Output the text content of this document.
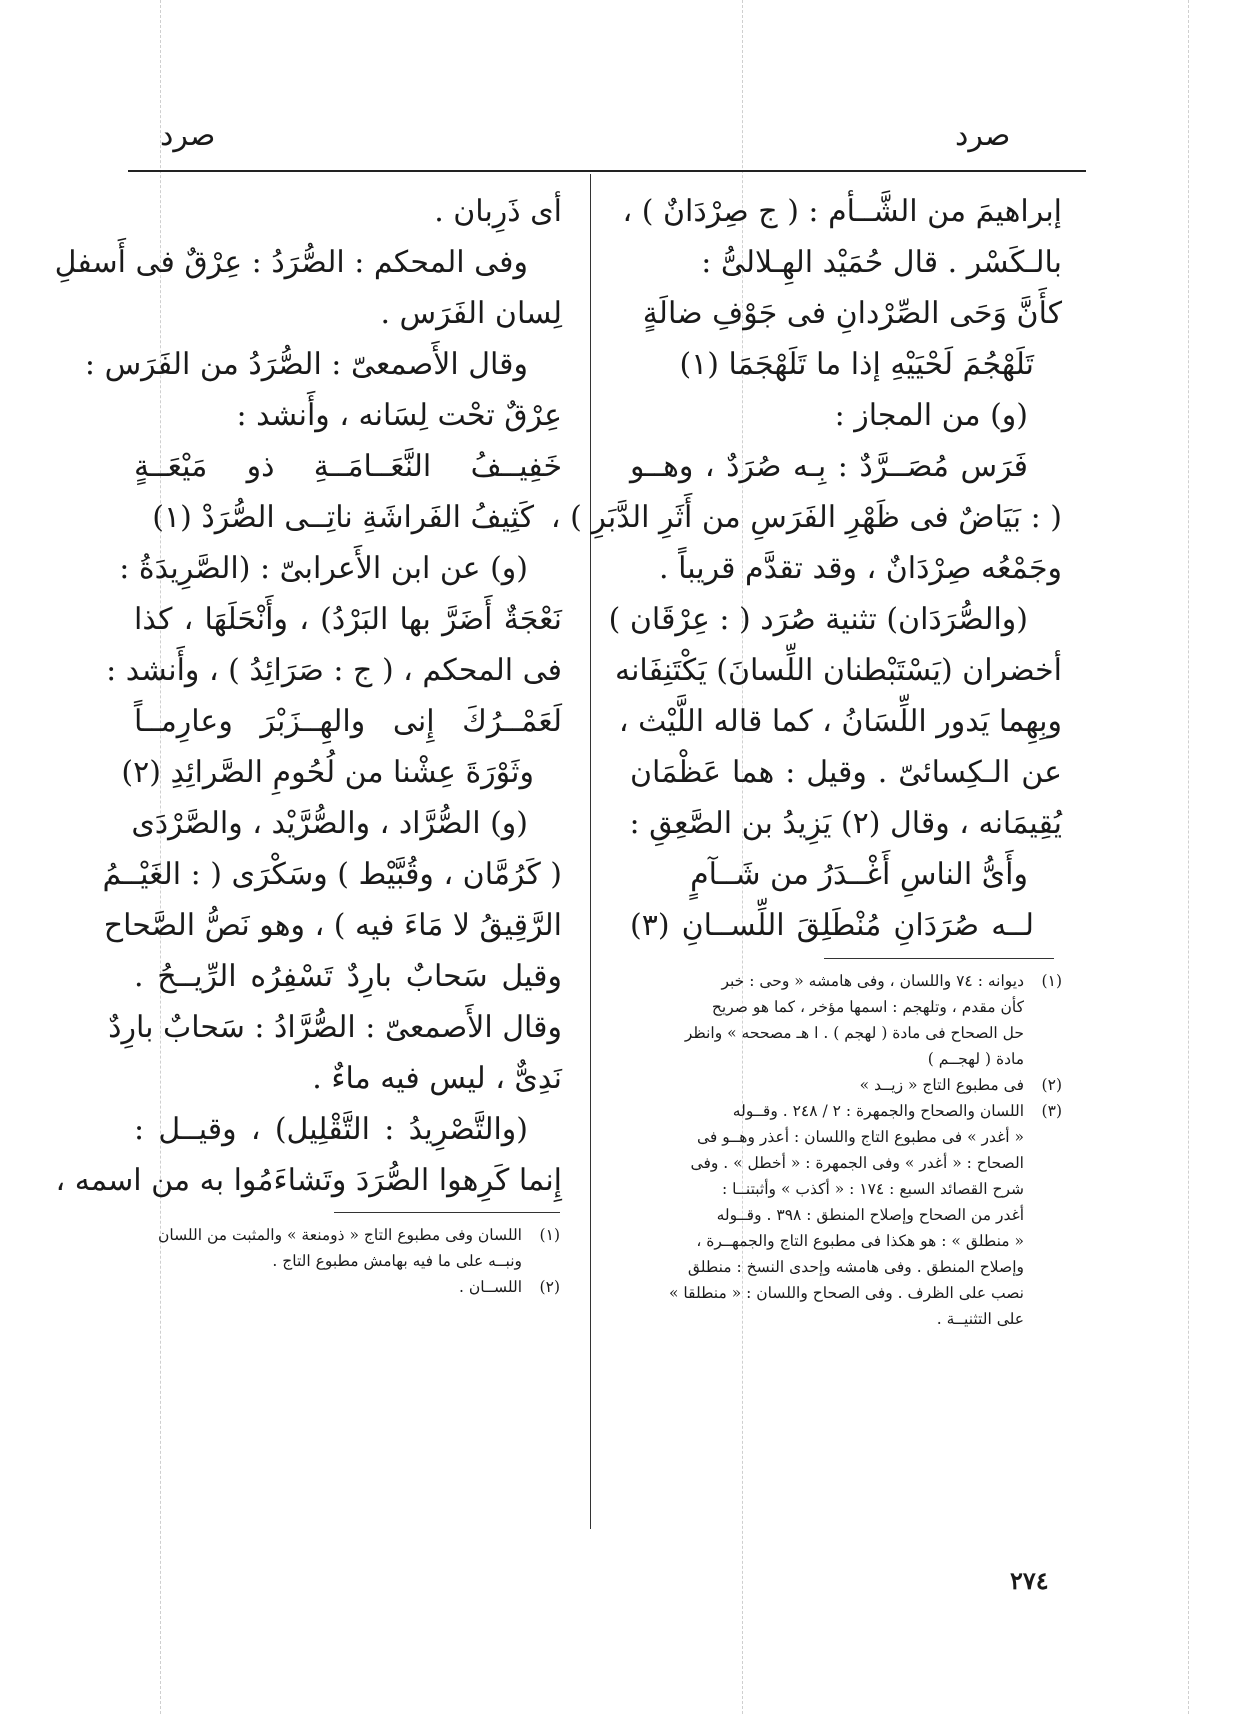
صرد
صرد
إبراهيمَ من الشَّــأم : ( ج صِرْدَانٌ ) ،
بالـكَسْر . قال حُمَيْد الهِـلالىُّ :
كأَنَّ وَحَى الصِّرْدانِ فى جَوْفِ ضالَةٍ
تَلَهْجُمَ لَحْيَيْهِ إذا ما تَلَهْجَمَا (١)
(و) من المجاز :
فَرَس مُصَــرَّدٌ : بِـه صُرَدٌ ، وهــو
( : بَيَاضٌ فى ظَهْرِ الفَرَسِ من أَثَرِ الدَّبَرِ ) ،
وجَمْعُه صِرْدَانٌ ، وقد تقدَّم قريباً .
(والصُّرَدَان) تثنية صُرَد ( : عِرْقَان )
أخضران (يَسْتَبْطنان اللِّسانَ) يَكْتَنِفَانه
وبِهِما يَدور اللِّسَانُ ، كما قاله اللَّيْث ،
عن الـكِسائىّ . وقيل : هما عَظْمَان
يُقِيمَانه ، وقال (٢) يَزِيدُ بن الصَّعِقِ :
وأَىُّ الناسِ أَغْــدَرُ من شَــآمٍ
لــه صُرَدَانِ مُنْطَلِقَ اللِّســانِ (٣)
(١)
ديوانه : ٧٤ واللسان ، وفى هامشه « وحى : خبر
كأن مقدم ، وتلهجم : اسمها مؤخر ، كما هو صريح
حل الصحاح فى مادة ( لهجم ) . ا هـ مصححه » وانظر
مادة ( لهجــم )
(٢)
فى مطبوع التاج « زيــد »
(٣)
اللسان والصحاح والجمهرة : ٢ / ٢٤٨ . وقــوله
« أغدر » فى مطبوع التاج واللسان : أعذر وهــو فى
الصحاح : « أغدر » وفى الجمهرة : « أخطل » . وفى
شرح القصائد السبع : ١٧٤ : « أكذب » وأثبتنــا :
أغدر من الصحاح وإصلاح المنطق : ٣٩٨ . وقــوله
« منطلق » : هو هكذا فى مطبوع التاج والجمهــرة ،
وإصلاح المنطق . وفى هامشه وإحدى النسخ : منطلق
نصب على الظرف . وفى الصحاح واللسان : « منطلقا »
على التثنيــة .
أى ذَرِبان .
وفى المحكم : الصُّرَدُ : عِرْقٌ فى أَسفلِ
لِسان الفَرَس .
وقال الأَصمعىّ : الصُّرَدُ من الفَرَس :
عِرْقٌ تحْت لِسَانه ، وأَنشد :
خَفِيــفُ النَّعَــامَــةِ ذو مَيْعَــةٍ
كَثِيفُ الفَراشَةِ ناتِــى الصُّرَدْ (١)
(و) عن ابن الأَعرابىّ : (الصَّرِيدَةُ :
نَعْجَةٌ أَضَرَّ بها البَرْدُ) ، وأَنْحَلَهَا ، كذا
فى المحكم ، ( ج : صَرَائِدُ ) ، وأَنشد :
لَعَمْــرُكَ إِنى والهِــزَبْرَ وعارِمــاً
وثَوْرَةَ عِشْنا من لُحُومِ الصَّرائِدِ (٢)
(و) الصُّرَّاد ، والصُّرَّيْد ، والصَّرْدَى
( كَرُمَّان ، وقُبَّيْط ) وسَكْرَى ( : الغَيْــمُ
الرَّقِيقُ لا مَاءَ فيه ) ، وهو نَصُّ الصَّحاح
وقيل سَحابٌ بارِدٌ تَسْفِرُه الرِّيــحُ .
وقال الأَصمعىّ : الصُّرَّادُ : سَحابٌ بارِدٌ
نَدِىٌّ ، ليس فيه ماءٌ .
(والتَّصْرِيدُ : التَّقْلِيل) ، وقيــل :
إِنما كَرِهوا الصُّرَدَ وتَشاءَمُوا به من اسمه ،
(١)
اللسان وفى مطبوع التاج « ذومنعة » والمثبت من اللسان
ونبــه على ما فيه بهامش مطبوع التاج .
(٢)
اللســان .
٢٧٤
